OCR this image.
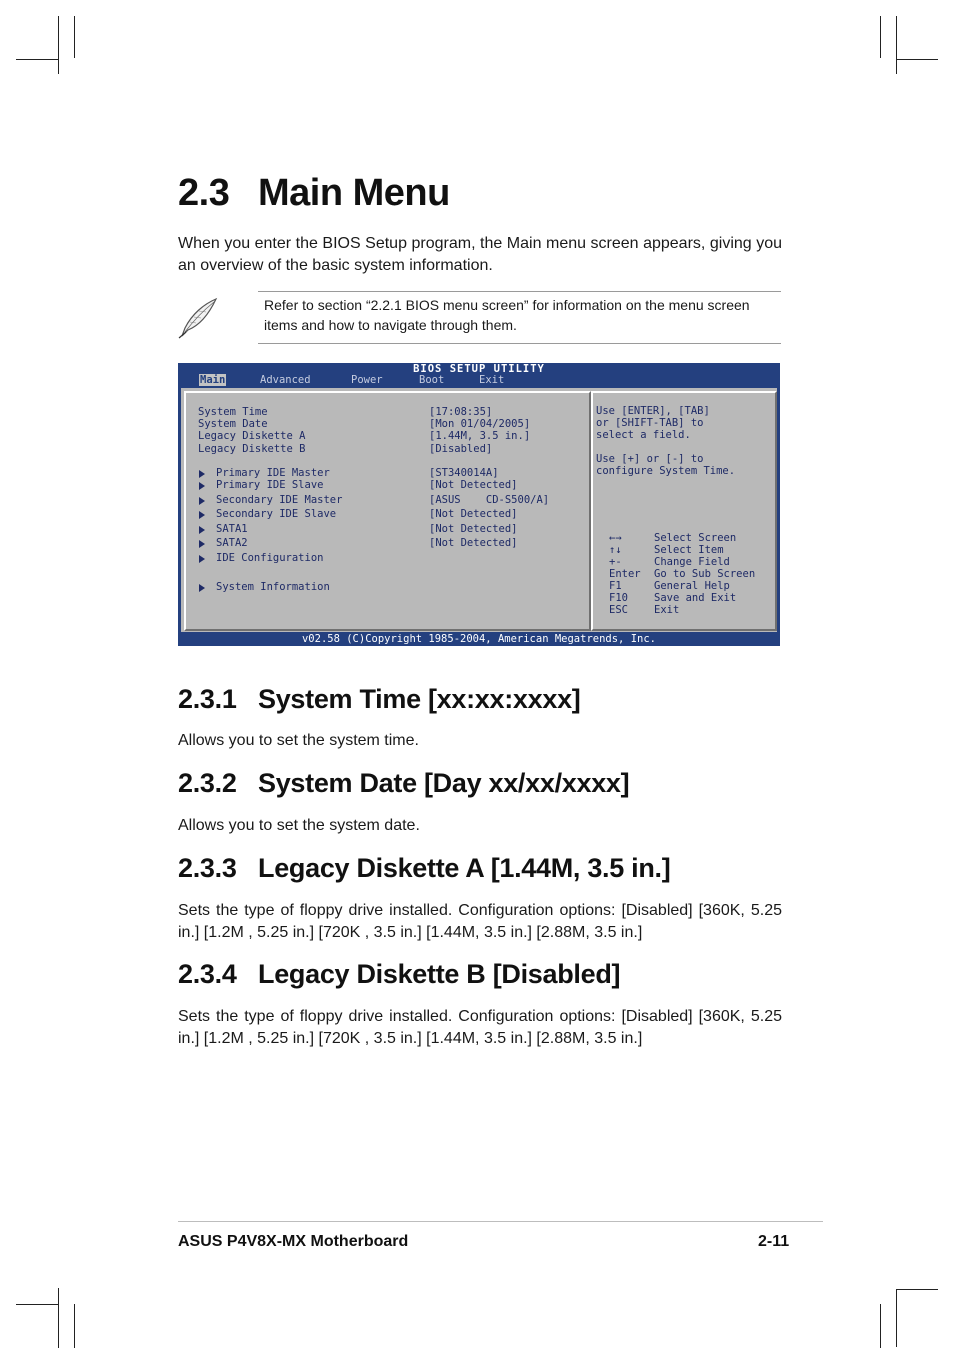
2.3 Main Menu

When you enter the BIOS Setup program, the Main menu screen appears, giving you an overview of the basic system information.

Refer to section “2.2.1 BIOS menu screen” for information on the menu screen items and how to navigate through them.

BIOS SETUP UTILITY
Main	Advanced	Power	Boot	Exit
System Time	[17:08:35]
System Date	[Mon 01/04/2005]
Legacy Diskette A	[1.44M, 3.5 in.]
Legacy Diskette B	[Disabled]
Primary IDE Master	[ST340014A]
Primary IDE Slave	[Not Detected]
Secondary IDE Master	[ASUS    CD-S500/A]
Secondary IDE Slave	[Not Detected]
SATA1	[Not Detected]
SATA2	[Not Detected]
IDE Configuration
System Information
Use [ENTER], [TAB]
or [SHIFT-TAB] to
select a field.
Use [+] or [-] to
configure System Time.
←→	Select Screen
↑↓	Select Item
+-	Change Field
Enter Go to Sub Screen
F1	General Help
F10 Save and Exit
ESC Exit
v02.58 (C)Copyright 1985-2004, American Megatrends, Inc.
2.3.1 System Time [xx:xx:xxxx]

Allows you to set the system time.

2.3.2 System Date [Day xx/xx/xxxx]

Allows you to set the system date.

2.3.3 Legacy Diskette A [1.44M, 3.5 in.]

Sets the type of floppy drive installed. Configuration options: [Disabled] [360K, 5.25 in.] [1.2M , 5.25 in.] [720K , 3.5 in.] [1.44M, 3.5 in.] [2.88M, 3.5 in.]

2.3.4 Legacy Diskette B [Disabled]

Sets the type of floppy drive installed. Configuration options: [Disabled] [360K, 5.25 in.] [1.2M , 5.25 in.] [720K , 3.5 in.] [1.44M, 3.5 in.] [2.88M, 3.5 in.]

ASUS P4V8X-MX Motherboard	2-11
